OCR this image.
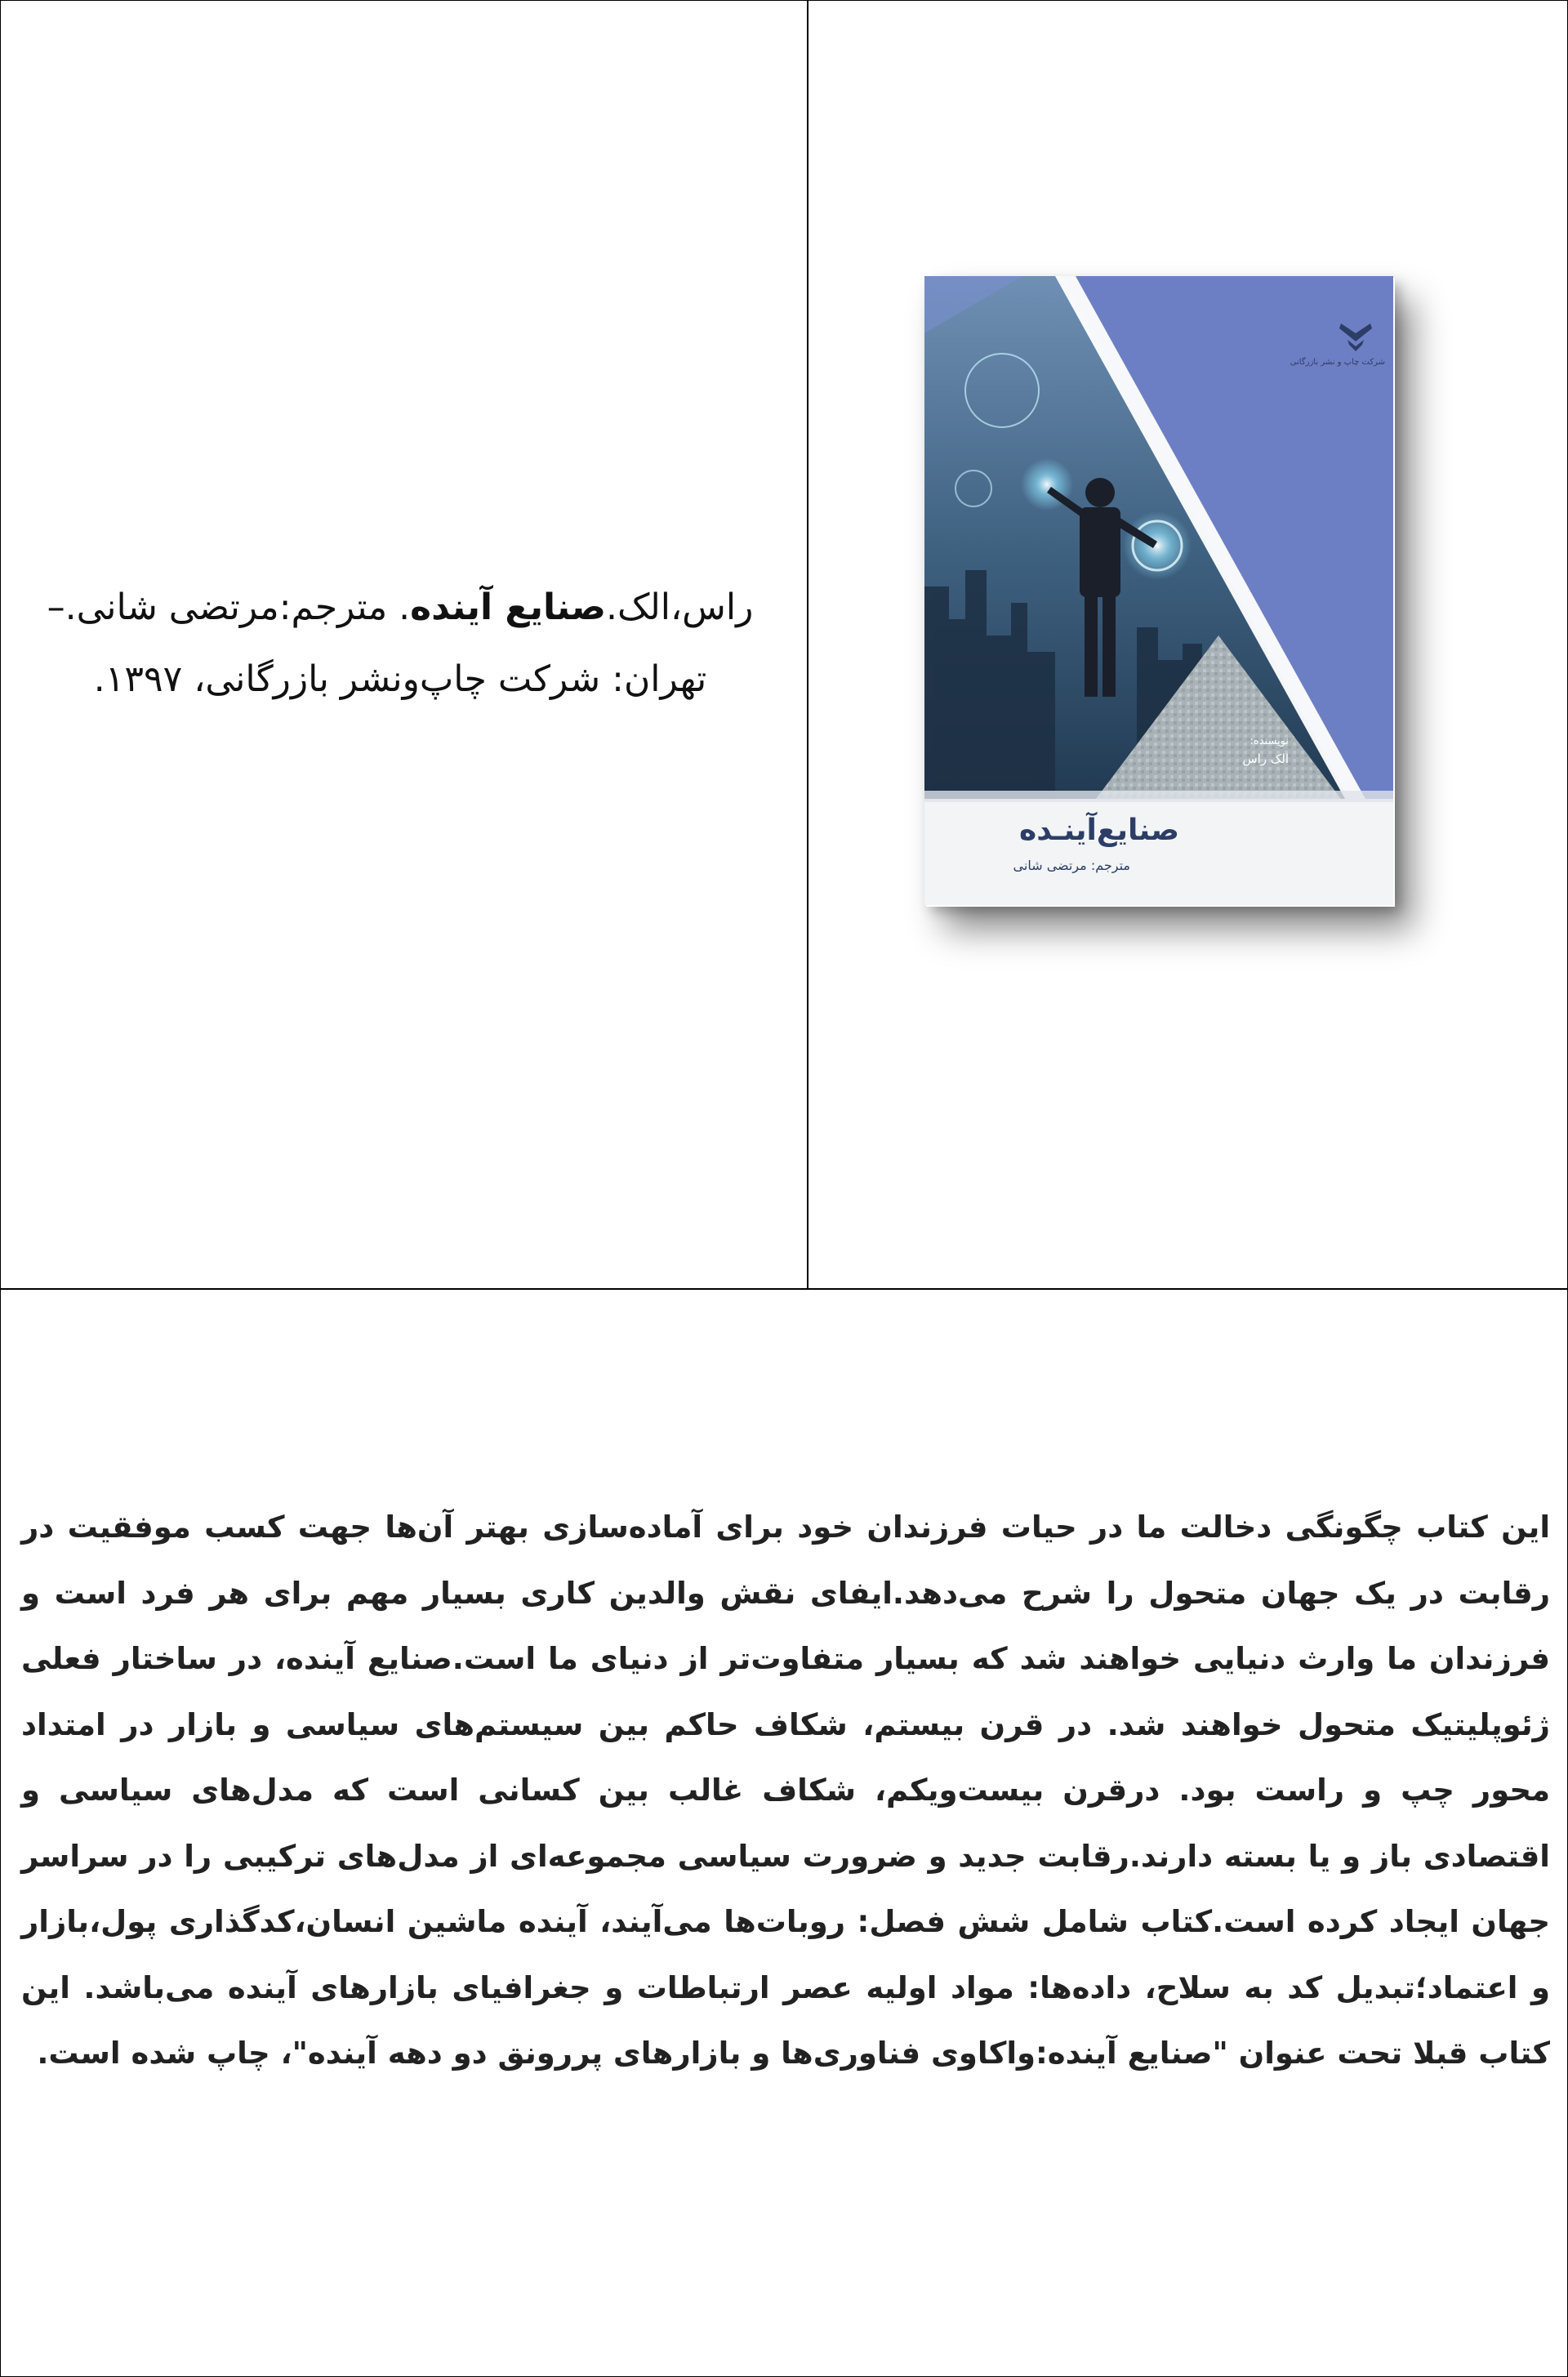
راس،الک.صنایع آینده. مترجم:مرتضی شانی.–
تهران: شرکت چاپ‌ونشر بازرگانی، ۱۳۹۷.
شرکت چاپ و نشر بازرگانی
نویسنده:
الک راس
صنایع‌آینـده
مترجم: مرتضی شانی
این کتاب چگونگی دخالت ما در حیات فرزندان خود برای آماده‌سازی بهتر آن‌ها جهت کسب موفقیت در رقابت در یک جهان متحول را شرح می‌دهد.ایفای نقش والدین کاری بسیار مهم برای هر فرد است و فرزندان ما وارث دنیایی خواهند شد که بسیار متفاوت‌تر از دنیای ما است.صنایع آینده، در ساختار فعلی ژئوپلیتیک متحول خواهند شد. در قرن بیستم، شکاف حاکم بین سیستم‌های سیاسی و بازار در امتداد محور چپ و راست بود. درقرن بیست‌ویکم، شکاف غالب بین کسانی است که مدل‌های سیاسی و اقتصادی باز و یا بسته دارند.رقابت جدید و ضرورت سیاسی مجموعه‌ای از مدل‌های ترکیبی را در سراسر جهان ایجاد کرده است.کتاب شامل شش فصل: روبات‌ها می‌آیند، آینده ماشین انسان،کدگذاری پول،بازار و اعتماد؛تبدیل کد به سلاح، داده‌ها: مواد اولیه عصر ارتباطات و جغرافیای بازارهای آینده می‌باشد. این کتاب قبلا تحت عنوان "صنایع آینده:واکاوی فناوری‌ها و بازارهای پررونق دو دهه آینده"، چاپ شده است.
